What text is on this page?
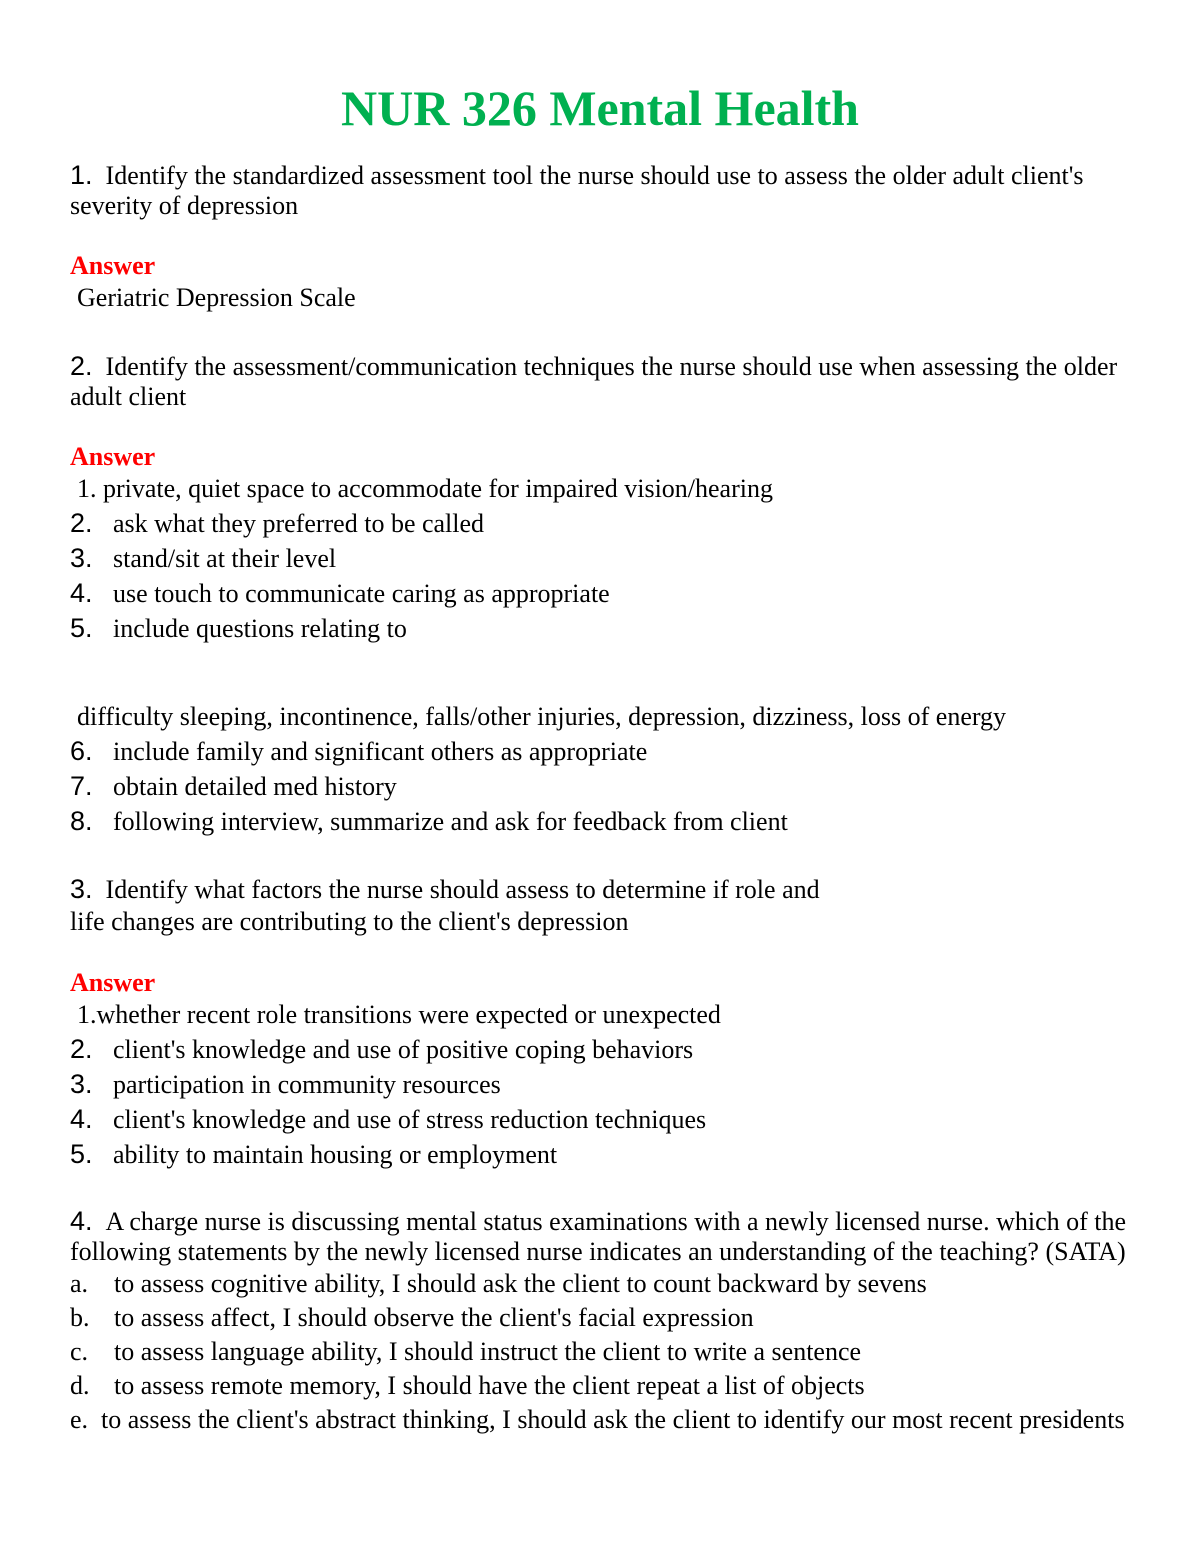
NUR 326 Mental Health

1. Identify the standardized assessment tool the nurse should use to assess the older adult client's severity of depression

Answer

Geriatric Depression Scale

2. Identify the assessment/communication techniques the nurse should use when assessing the older adult client

Answer

1. private, quiet space to accommodate for impaired vision/hearing

2. ask what they preferred to be called

3. stand/sit at their level

4. use touch to communicate caring as appropriate

5. include questions relating to

difficulty sleeping, incontinence, falls/other injuries, depression, dizziness, loss of energy

6. include family and significant others as appropriate

7. obtain detailed med history

8. following interview, summarize and ask for feedback from client

3. Identify what factors the nurse should assess to determine if role and
life changes are contributing to the client's depression

Answer

1.whether recent role transitions were expected or unexpected

2. client's knowledge and use of positive coping behaviors

3. participation in community resources

4. client's knowledge and use of stress reduction techniques

5. ability to maintain housing or employment

4. A charge nurse is discussing mental status examinations with a newly licensed nurse. which of the following statements by the newly licensed nurse indicates an understanding of the teaching? (SATA)

a. to assess cognitive ability, I should ask the client to count backward by sevens

b. to assess affect, I should observe the client's facial expression

c. to assess language ability, I should instruct the client to write a sentence

d. to assess remote memory, I should have the client repeat a list of objects

e. to assess the client's abstract thinking, I should ask the client to identify our most recent presidents
